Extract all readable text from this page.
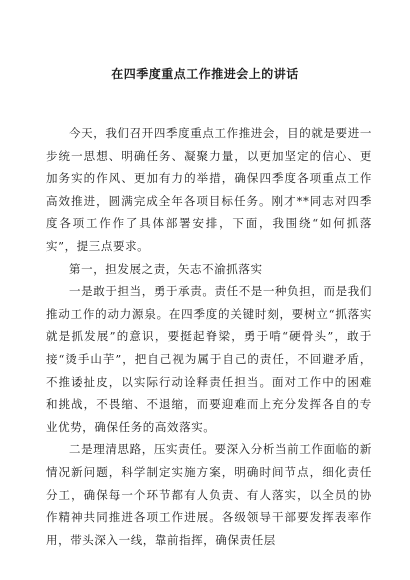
在四季度重点工作推进会上的讲话

今天，我们召开四季度重点工作推进会，目的就是要进一步统一思想、明确任务、凝聚力量，以更加坚定的信心、更加务实的作风、更加有力的举措，确保四季度各项重点工作高效推进，圆满完成全年各项目标任务。刚才**同志对四季度各项工作作了具体部署安排，下面，我围绕“如何抓落实”，提三点要求。

第一，担发展之责，矢志不渝抓落实

一是敢于担当，勇于承责。责任不是一种负担，而是我们推动工作的动力源泉。在四季度的关键时刻，要树立“抓落实就是抓发展”的意识，要挺起脊梁，勇于啃“硬骨头”，敢于接“烫手山芋”，把自己视为属于自己的责任，不回避矛盾，不推诿扯皮，以实际行动诠释责任担当。面对工作中的困难和挑战，不畏缩、不退缩，而要迎难而上充分发挥各自的专业优势，确保任务的高效落实。

二是理清思路，压实责任。要深入分析当前工作面临的新情况新问题，科学制定实施方案，明确时间节点，细化责任分工，确保每一个环节都有人负责、有人落实，以全员的协作精神共同推进各项工作进展。各级领导干部要发挥表率作用，带头深入一线，靠前指挥，确保责任层
